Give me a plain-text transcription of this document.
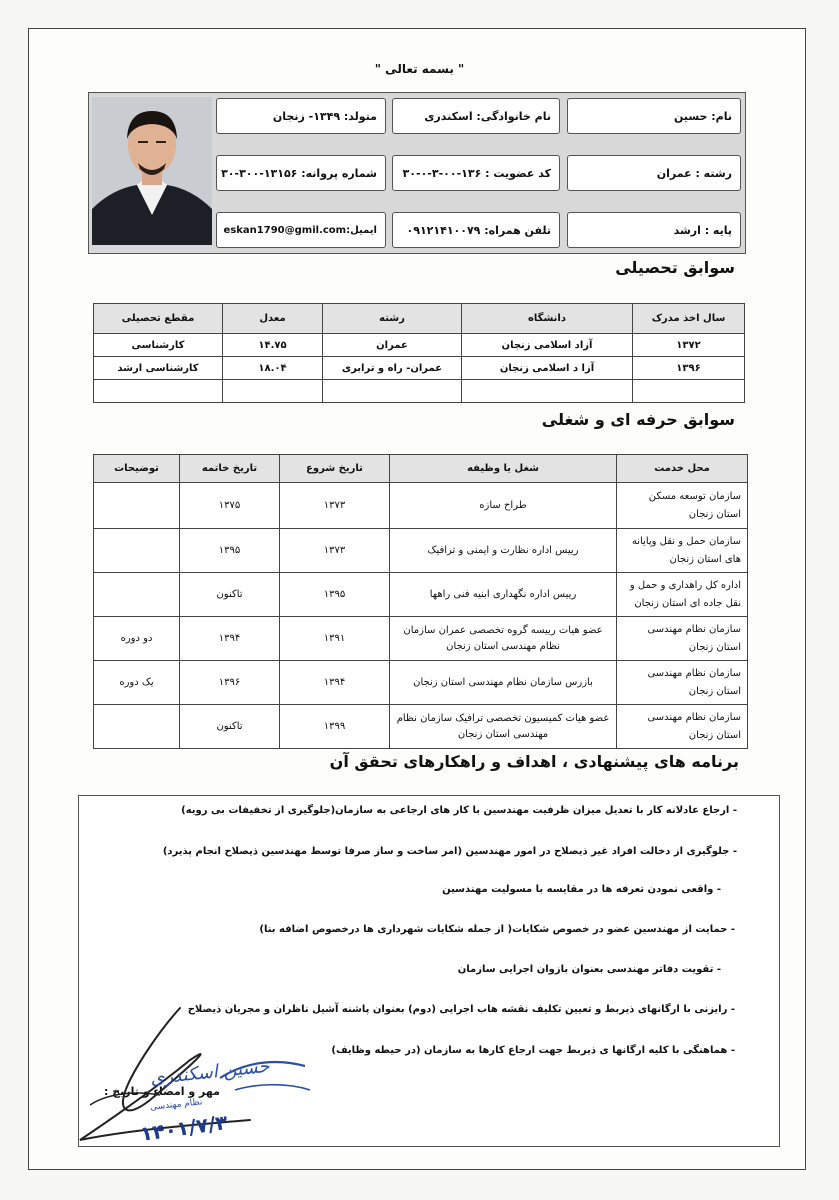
" بسمه تعالی "
نام: حسین
نام خانوادگی: اسکندری
متولد: ۱۳۴۹- زنجان
رشته : عمران
کد عضویت : ۱۳۶-۰۰-۳-۰-۳۰
شماره پروانه: ۱۳۱۵۶-۳۰۰-۳۰
پایه : ارشد
تلفن همراه: ۰۹۱۲۱۴۱۰۰۷۹
ایمیل:eskan1790@gmil.com
سوابق تحصیلی
سال اخذ مدرک	دانشگاه	رشته	معدل	مقطع تحصیلی
۱۳۷۲	آزاد اسلامی زنجان	عمران	۱۴.۷۵	کارشناسی
۱۳۹۶	آزا د اسلامی زنجان	عمران- راه و ترابری	۱۸.۰۴	کارشناسی ارشد

سوابق حرفه ای و شغلی
محل خدمت	شغل یا وظیفه	تاریخ شروع	تاریخ خاتمه	توضیحات
سازمان توسعه مسکن استان زنجان	طراح سازه	۱۳۷۳	۱۳۷۵	
سازمان حمل و نقل وپایانه های استان زنجان	رییس اداره نظارت و ایمنی و ترافیک	۱۳۷۳	۱۳۹۵	
اداره کل راهداری و حمل و نقل جاده ای استان زنجان	رییس اداره نگهداری ابنیه فنی راهها	۱۳۹۵	تاکنون	
سازمان نظام مهندسی استان زنجان	عضو هیات رییسه گروه تخصصی عمران سازمان نظام مهندسی استان زنجان	۱۳۹۱	۱۳۹۴	دو دوره
سازمان نظام مهندسی استان زنجان	بازرس سازمان نظام مهندسی استان زنجان	۱۳۹۴	۱۳۹۶	یک دوره
سازمان نظام مهندسی استان زنجان	عضو هیات کمیسیون تخصصی ترافیک سازمان نظام مهندسی استان زنجان	۱۳۹۹	تاکنون	
برنامه های پیشنهادی ، اهداف و راهکارهای تحقق آن
- ارجاع عادلانه کار با تعدیل میزان ظرفیت مهندسین با کار های ارجاعی به سازمان(جلوگیری از تخفیفات بی رویه)
- جلوگیری از دخالت افراد غیر ذیصلاح در امور مهندسین (امر ساخت و ساز صرفا توسط مهندسین ذیصلاح انجام پذیرد)
- واقعی نمودن تعرفه ها در مقایسه با مسولیت مهندسین
- حمایت از مهندسین عضو در خصوص شکایات( از جمله شکایات شهرداری ها درخصوص اضافه بنا)
- تقویت دفاتر مهندسی بعنوان بازوان اجرایی سازمان
- رایزنی با ارگانهای ذیربط و تعیین تکلیف نقشه هاب اجرایی (دوم) بعنوان پاشنه آشیل ناظران و مجریان ذیصلاح
- هماهنگی با کلیه ارگانها ی ذیربط جهت ارجاع کارها به سازمان (در حیطه وظایف)
مهر و امضاء و تاریخ :
حسین اسکندری
نظام مهندسی
۱۴۰۱/۷/۳
